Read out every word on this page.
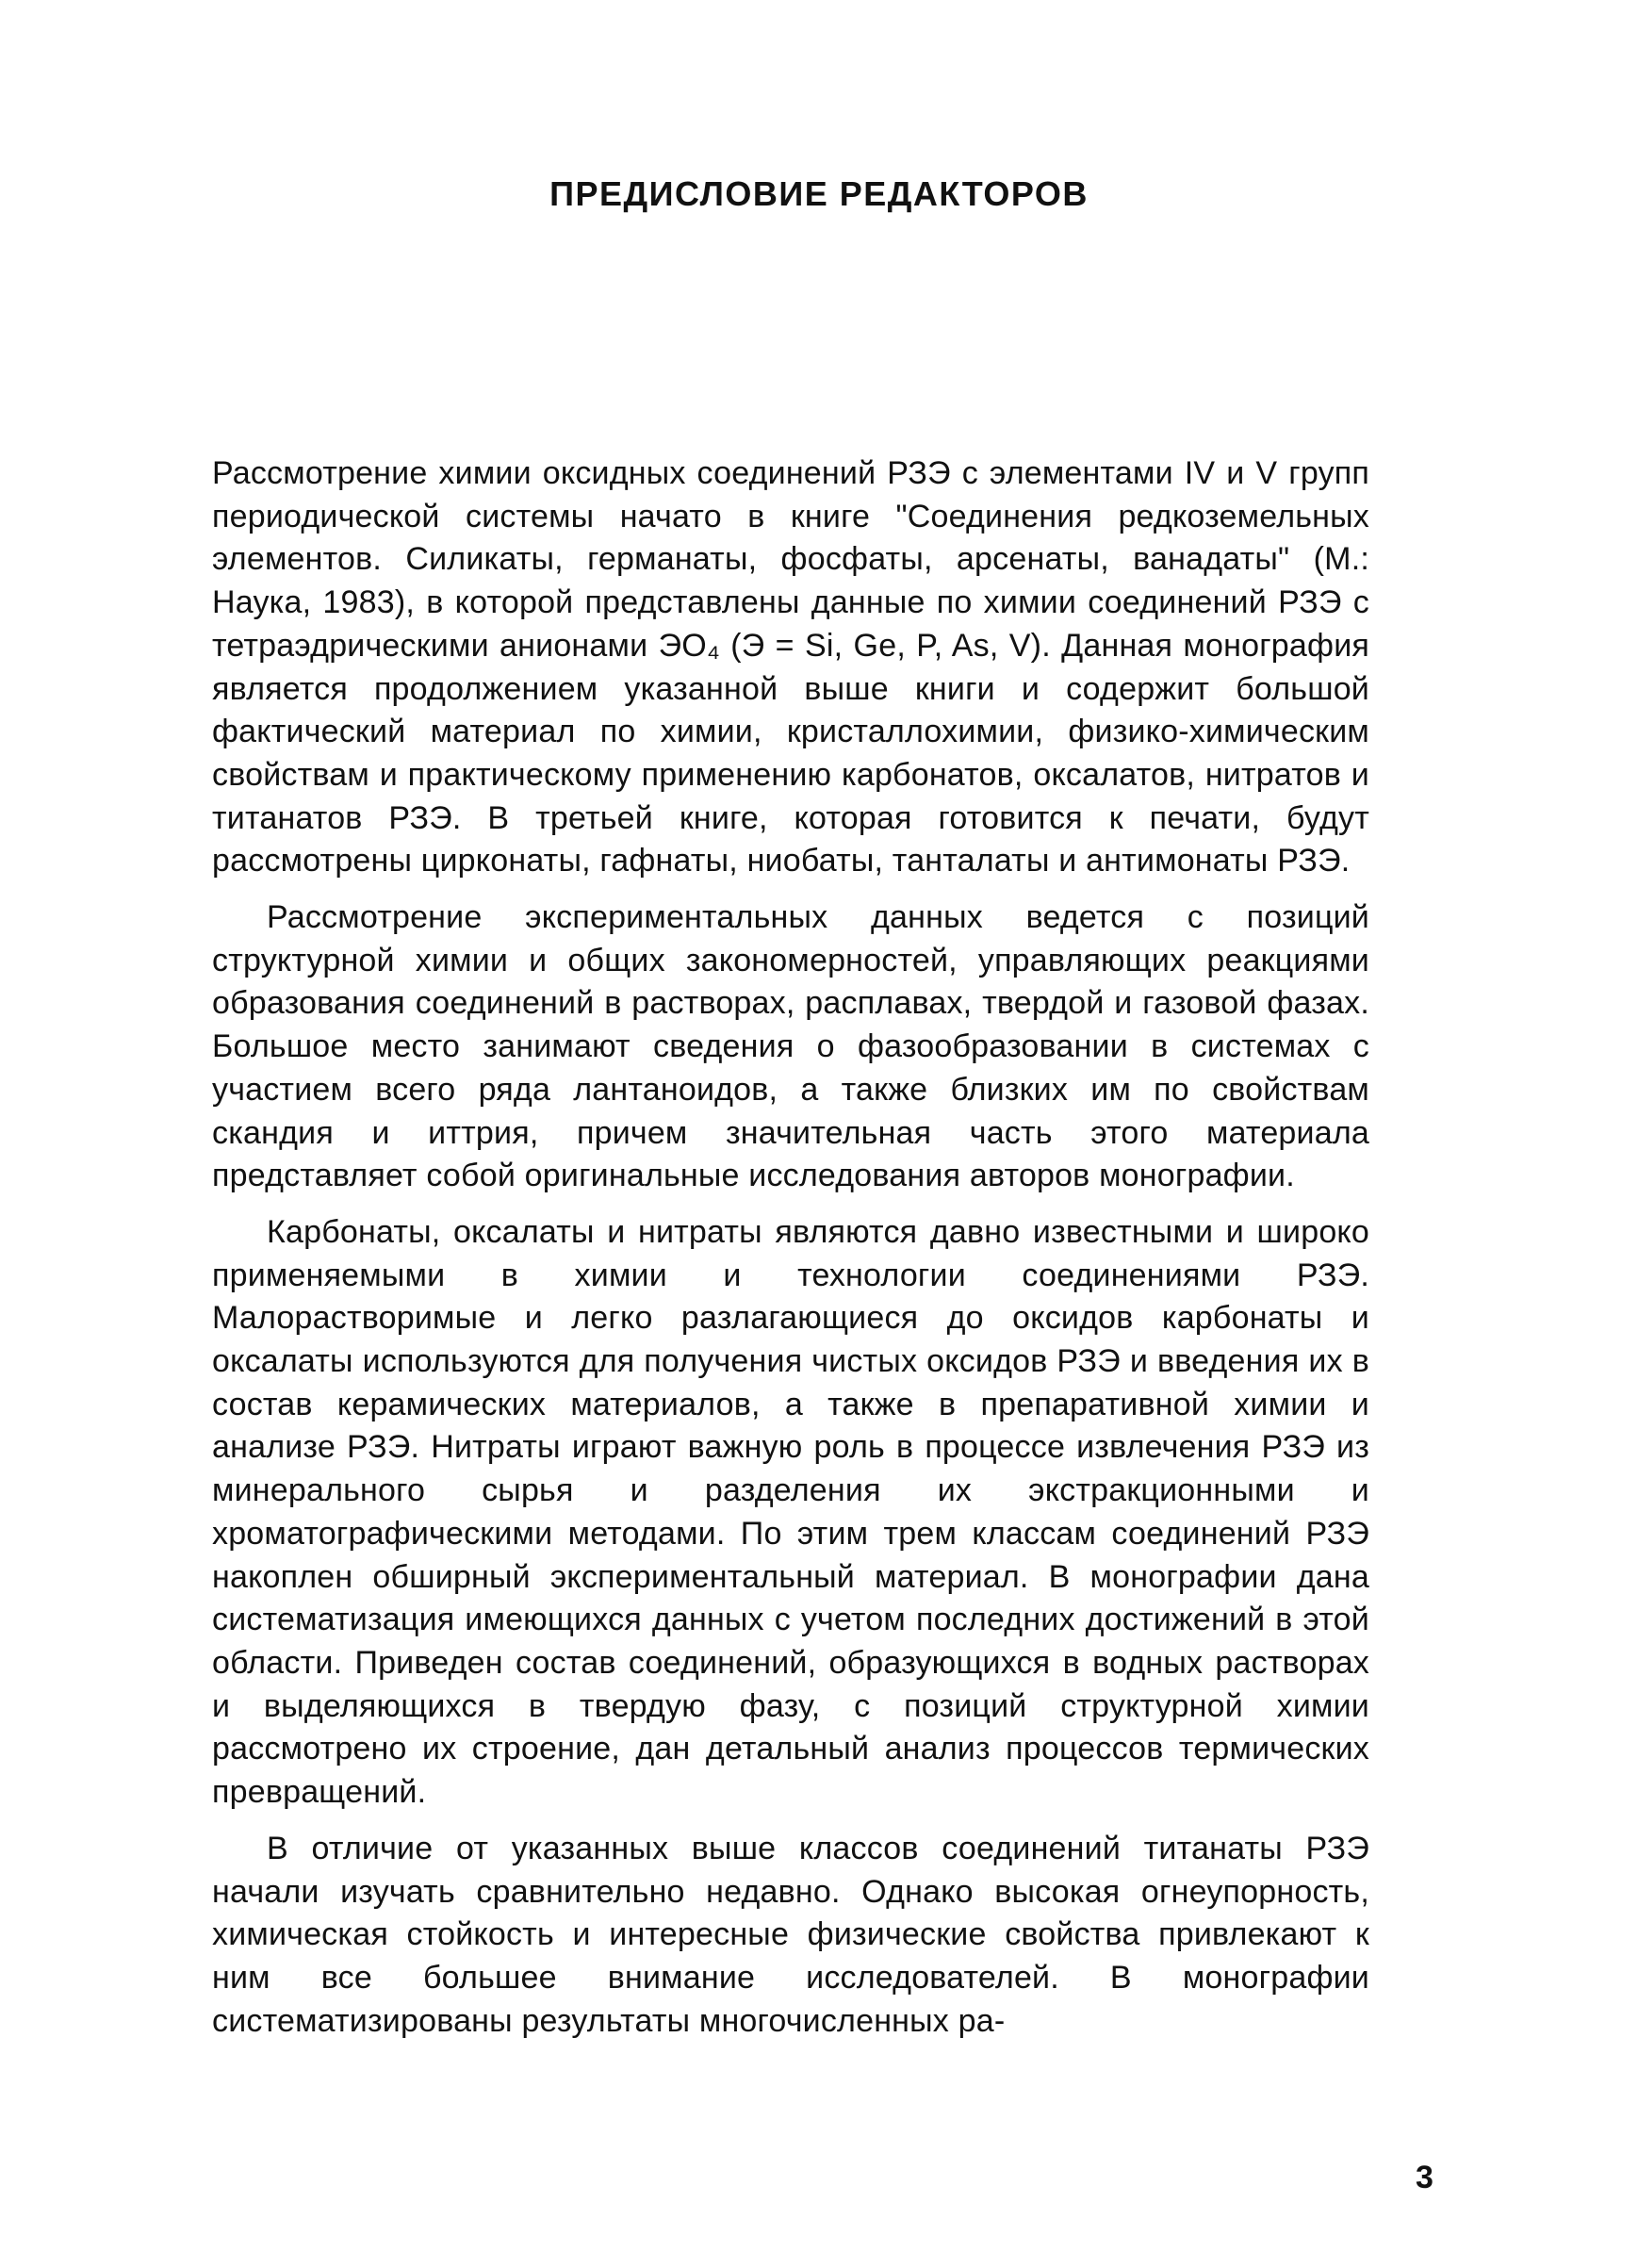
ПРЕДИСЛОВИЕ РЕДАКТОРОВ

Рассмотрение химии оксидных соединений РЗЭ с элементами IV и V групп периодической системы начато в книге "Соединения редкоземельных элементов. Силикаты, германаты, фосфаты, арсенаты, ванадаты" (М.: Наука, 1983), в которой представлены данные по химии соединений РЗЭ с тетраэдрическими анионами ЭО₄ (Э = Si, Ge, P, As, V). Данная монография является продолжением указанной выше книги и содержит большой фактический материал по химии, кристаллохимии, физико-химическим свойствам и практическому применению карбонатов, оксалатов, нитратов и титанатов РЗЭ. В третьей книге, которая готовится к печати, будут рассмотрены цирконаты, гафнаты, ниобаты, танталаты и антимонаты РЗЭ.

Рассмотрение экспериментальных данных ведется с позиций структурной химии и общих закономерностей, управляющих реакциями образования соединений в растворах, расплавах, твердой и газовой фазах. Большое место занимают сведения о фазообразовании в системах с участием всего ряда лантаноидов, а также близких им по свойствам скандия и иттрия, причем значительная часть этого материала представляет собой оригинальные исследования авторов монографии.

Карбонаты, оксалаты и нитраты являются давно известными и широко применяемыми в химии и технологии соединениями РЗЭ. Малорастворимые и легко разлагающиеся до оксидов карбонаты и оксалаты используются для получения чистых оксидов РЗЭ и введения их в состав керамических материалов, а также в препаративной химии и анализе РЗЭ. Нитраты играют важную роль в процессе извлечения РЗЭ из минерального сырья и разделения их экстракционными и хроматографическими методами. По этим трем классам соединений РЗЭ накоплен обширный экспериментальный материал. В монографии дана систематизация имеющихся данных с учетом последних достижений в этой области. Приведен состав соединений, образующихся в водных растворах и выделяющихся в твердую фазу, с позиций структурной химии рассмотрено их строение, дан детальный анализ процессов термических превращений.

В отличие от указанных выше классов соединений титанаты РЗЭ начали изучать сравнительно недавно. Однако высокая огнеупорность, химическая стойкость и интересные физические свойства привлекают к ним все большее внимание исследователей. В монографии систематизированы результаты многочисленных ра-

3
